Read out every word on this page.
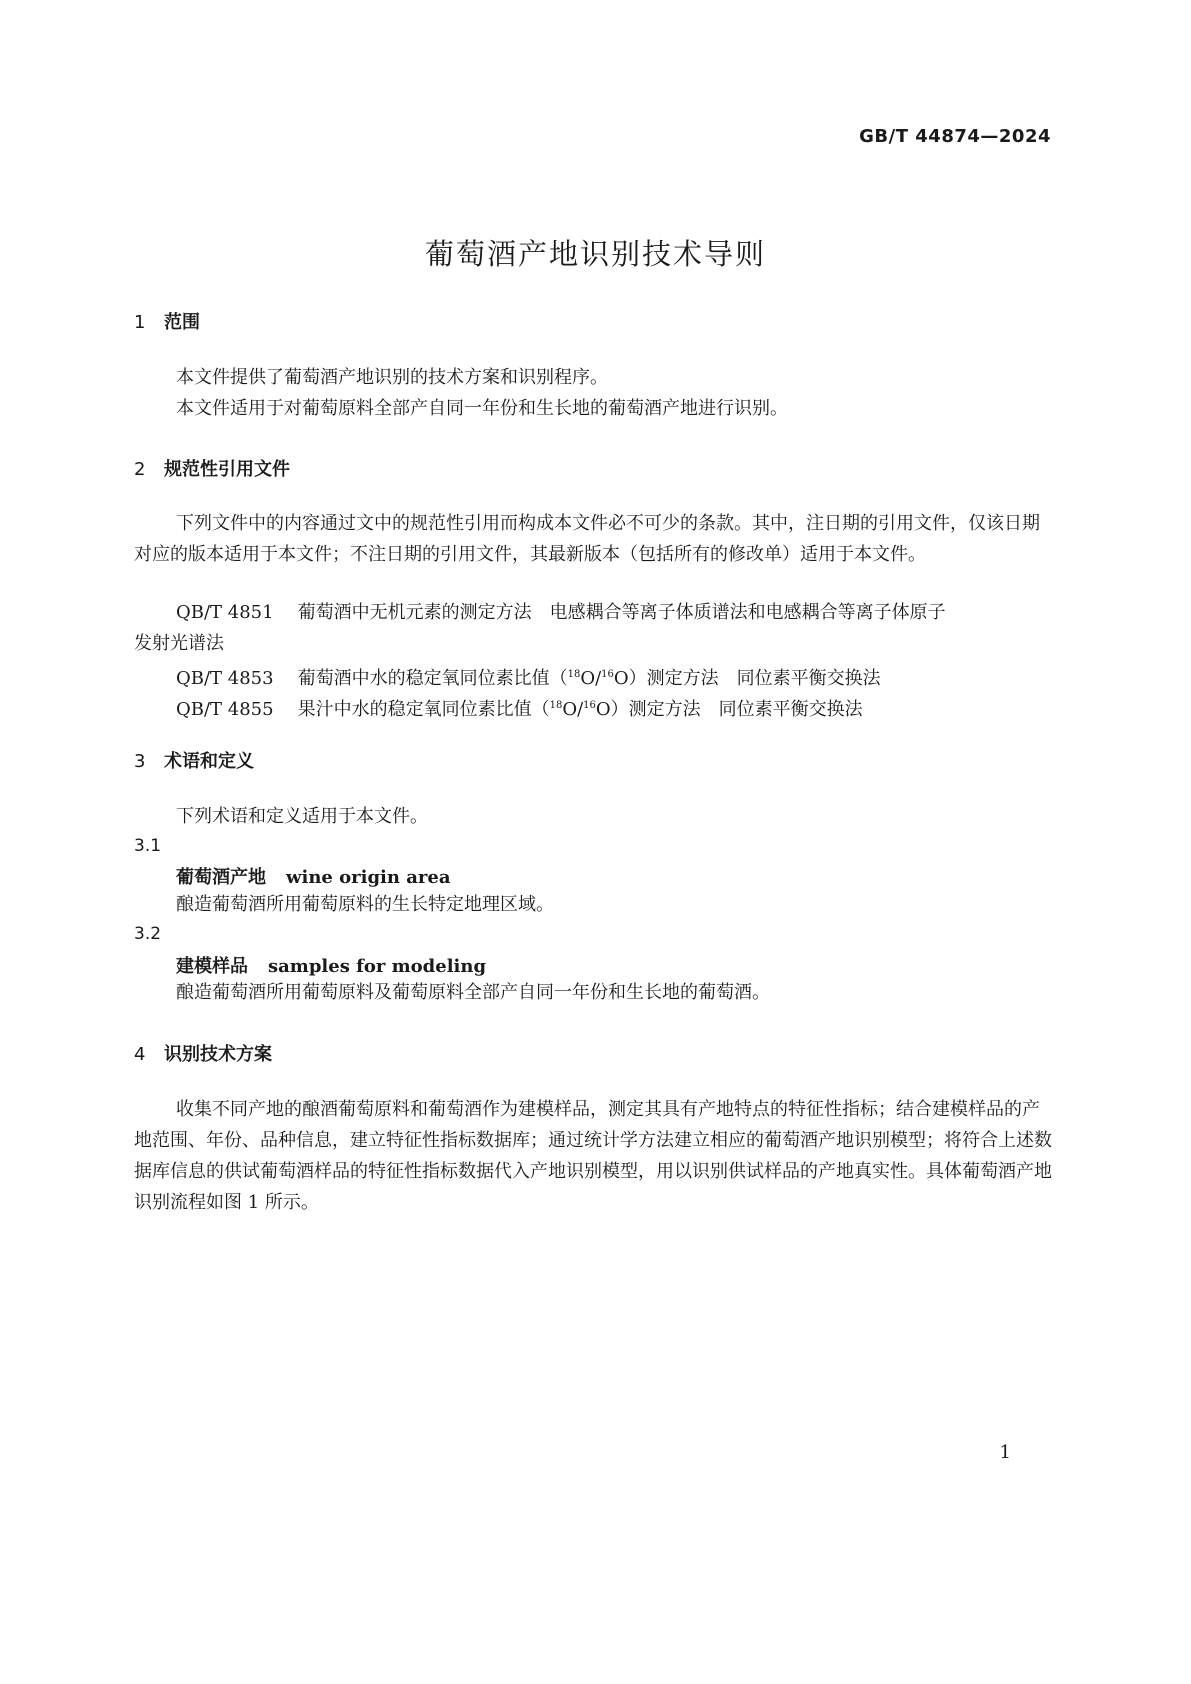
GB/T 44874—2024
葡萄酒产地识别技术导则
1 范围
本文件提供了葡萄酒产地识别的技术方案和识别程序。
本文件适用于对葡萄原料全部产自同一年份和生长地的葡萄酒产地进行识别。
2 规范性引用文件
下列文件中的内容通过文中的规范性引用而构成本文件必不可少的条款。其中，注日期的引用文件，仅该日期对应的版本适用于本文件；不注日期的引用文件，其最新版本（包括所有的修改单）适用于本文件。
QB/T 4851 葡萄酒中无机元素的测定方法　电感耦合等离子体质谱法和电感耦合等离子体原子
发射光谱法
QB/T 4853 葡萄酒中水的稳定氧同位素比值（$^{18}$O/$^{16}$O）测定方法　同位素平衡交换法
QB/T 4855 果汁中水的稳定氧同位素比值（$^{18}$O/$^{16}$O）测定方法　同位素平衡交换法
3 术语和定义
下列术语和定义适用于本文件。
3.1
葡萄酒产地 wine origin area
酿造葡萄酒所用葡萄原料的生长特定地理区域。
3.2
建模样品 samples for modeling
酿造葡萄酒所用葡萄原料及葡萄原料全部产自同一年份和生长地的葡萄酒。
4 识别技术方案
收集不同产地的酿酒葡萄原料和葡萄酒作为建模样品，测定其具有产地特点的特征性指标；结合建模样品的产地范围、年份、品种信息，建立特征性指标数据库；通过统计学方法建立相应的葡萄酒产地识别模型；将符合上述数据库信息的供试葡萄酒样品的特征性指标数据代入产地识别模型，用以识别供试样品的产地真实性。具体葡萄酒产地识别流程如图 1 所示。
1
